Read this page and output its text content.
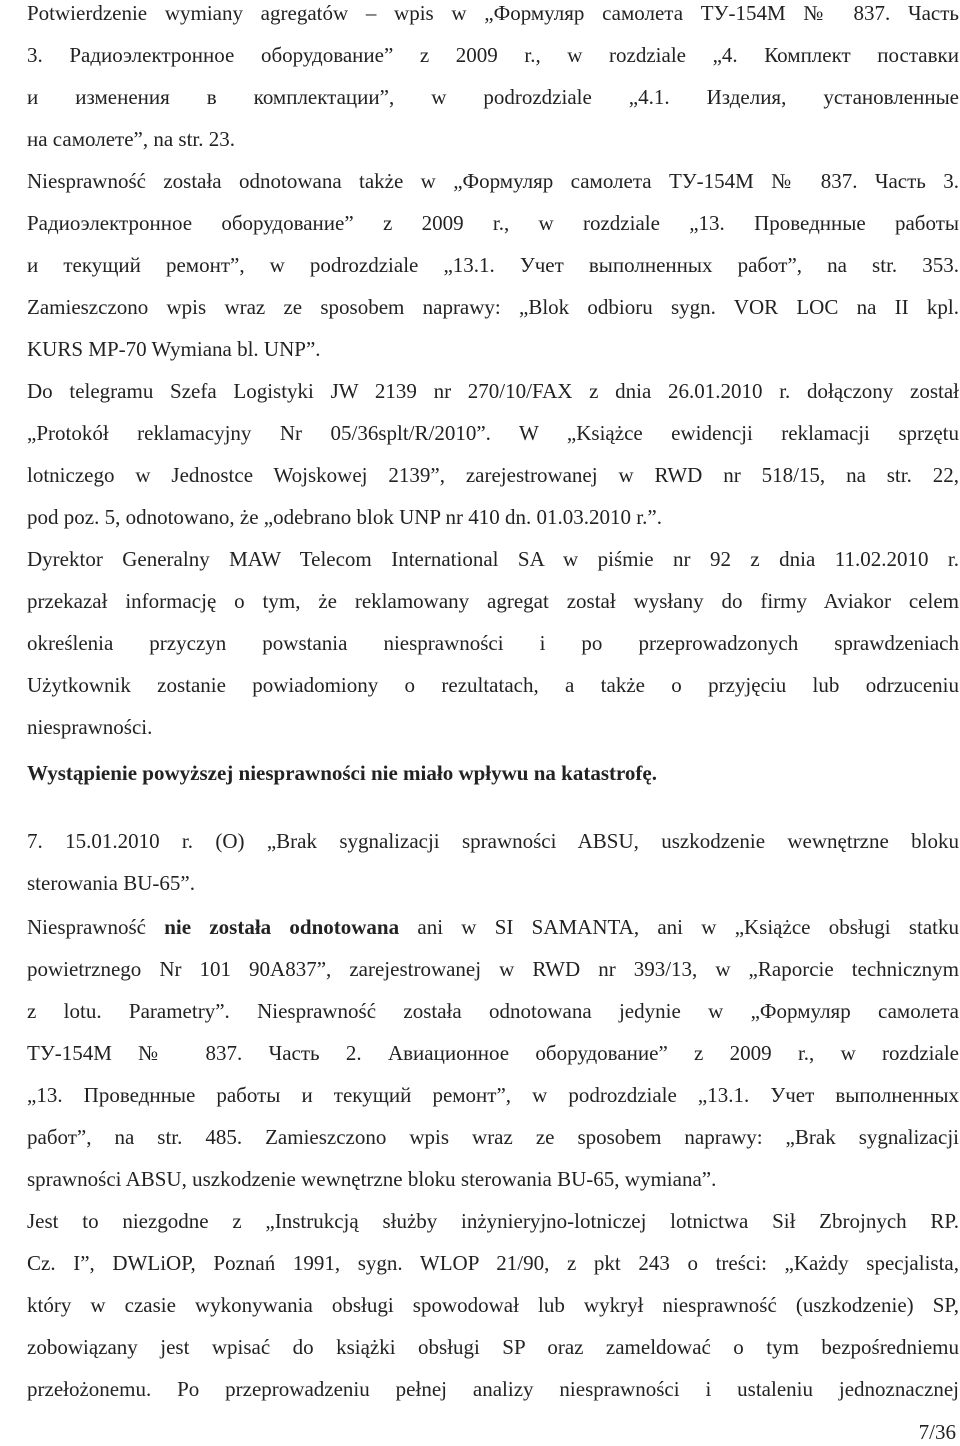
Potwierdzenie wymiany agregatów – wpis w „Формуляр самолета ТУ-154М № 837. Часть
3. Радиоэлектронное оборудование” z 2009 r., w rozdziale „4. Комплект поставки
и изменения в комплектации”, w podrozdziale „4.1. Изделия, установленные
на самолете”, na str. 23.
Niesprawność została odnotowana także w „Формуляр самолета ТУ-154М № 837. Часть 3.
Радиоэлектронное оборудование” z 2009 r., w rozdziale „13. Проведнные работы
и текущий ремонт”, w podrozdziale „13.1. Учет выполненных работ”, na str. 353.
Zamieszczono wpis wraz ze sposobem naprawy: „Blok odbioru sygn. VOR LOC na II kpl.
KURS MP-70 Wymiana bl. UNP”.
Do telegramu Szefa Logistyki JW 2139 nr 270/10/FAX z dnia 26.01.2010 r. dołączony został
„Protokół reklamacyjny Nr 05/36splt/R/2010”. W „Książce ewidencji reklamacji sprzętu
lotniczego w Jednostce Wojskowej 2139”, zarejestrowanej w RWD nr 518/15, na str. 22,
pod poz. 5, odnotowano, że „odebrano blok UNP nr 410 dn. 01.03.2010 r.”.
Dyrektor Generalny MAW Telecom International SA w piśmie nr 92 z dnia 11.02.2010 r.
przekazał informację o tym, że reklamowany agregat został wysłany do firmy Aviakor celem
określenia przyczyn powstania niesprawności i po przeprowadzonych sprawdzeniach
Użytkownik zostanie powiadomiony o rezultatach, a także o przyjęciu lub odrzuceniu
niesprawności.
Wystąpienie powyższej niesprawności nie miało wpływu na katastrofę.
7.	15.01.2010 r. (O) „Brak sygnalizacji sprawności ABSU, uszkodzenie wewnętrzne bloku
sterowania BU-65”.
Niesprawność nie została odnotowana ani w SI SAMANTA, ani w „Książce obsługi statku
powietrznego Nr 101 90A837”, zarejestrowanej w RWD nr 393/13, w „Raporcie technicznym
z lotu. Parametry”. Niesprawność została odnotowana jedynie w „Формуляр самолета
ТУ-154М № 837. Часть 2. Авиационное оборудование” z 2009 r., w rozdziale
„13. Проведнные работы и текущий ремонт”, w podrozdziale „13.1. Учет выполненных
работ”, na str. 485. Zamieszczono wpis wraz ze sposobem naprawy: „Brak sygnalizacji
sprawności ABSU, uszkodzenie wewnętrzne bloku sterowania BU-65, wymiana”.
Jest to niezgodne z „Instrukcją służby inżynieryjno-lotniczej lotnictwa Sił Zbrojnych RP.
Cz. I”, DWLiOP, Poznań 1991, sygn. WLOP 21/90, z pkt 243 o treści: „Każdy specjalista,
który w czasie wykonywania obsługi spowodował lub wykrył niesprawność (uszkodzenie) SP,
zobowiązany jest wpisać do książki obsługi SP oraz zameldować o tym bezpośredniemu
przełożonemu. Po przeprowadzeniu pełnej analizy niesprawności i ustaleniu jednoznacznej
7/36
